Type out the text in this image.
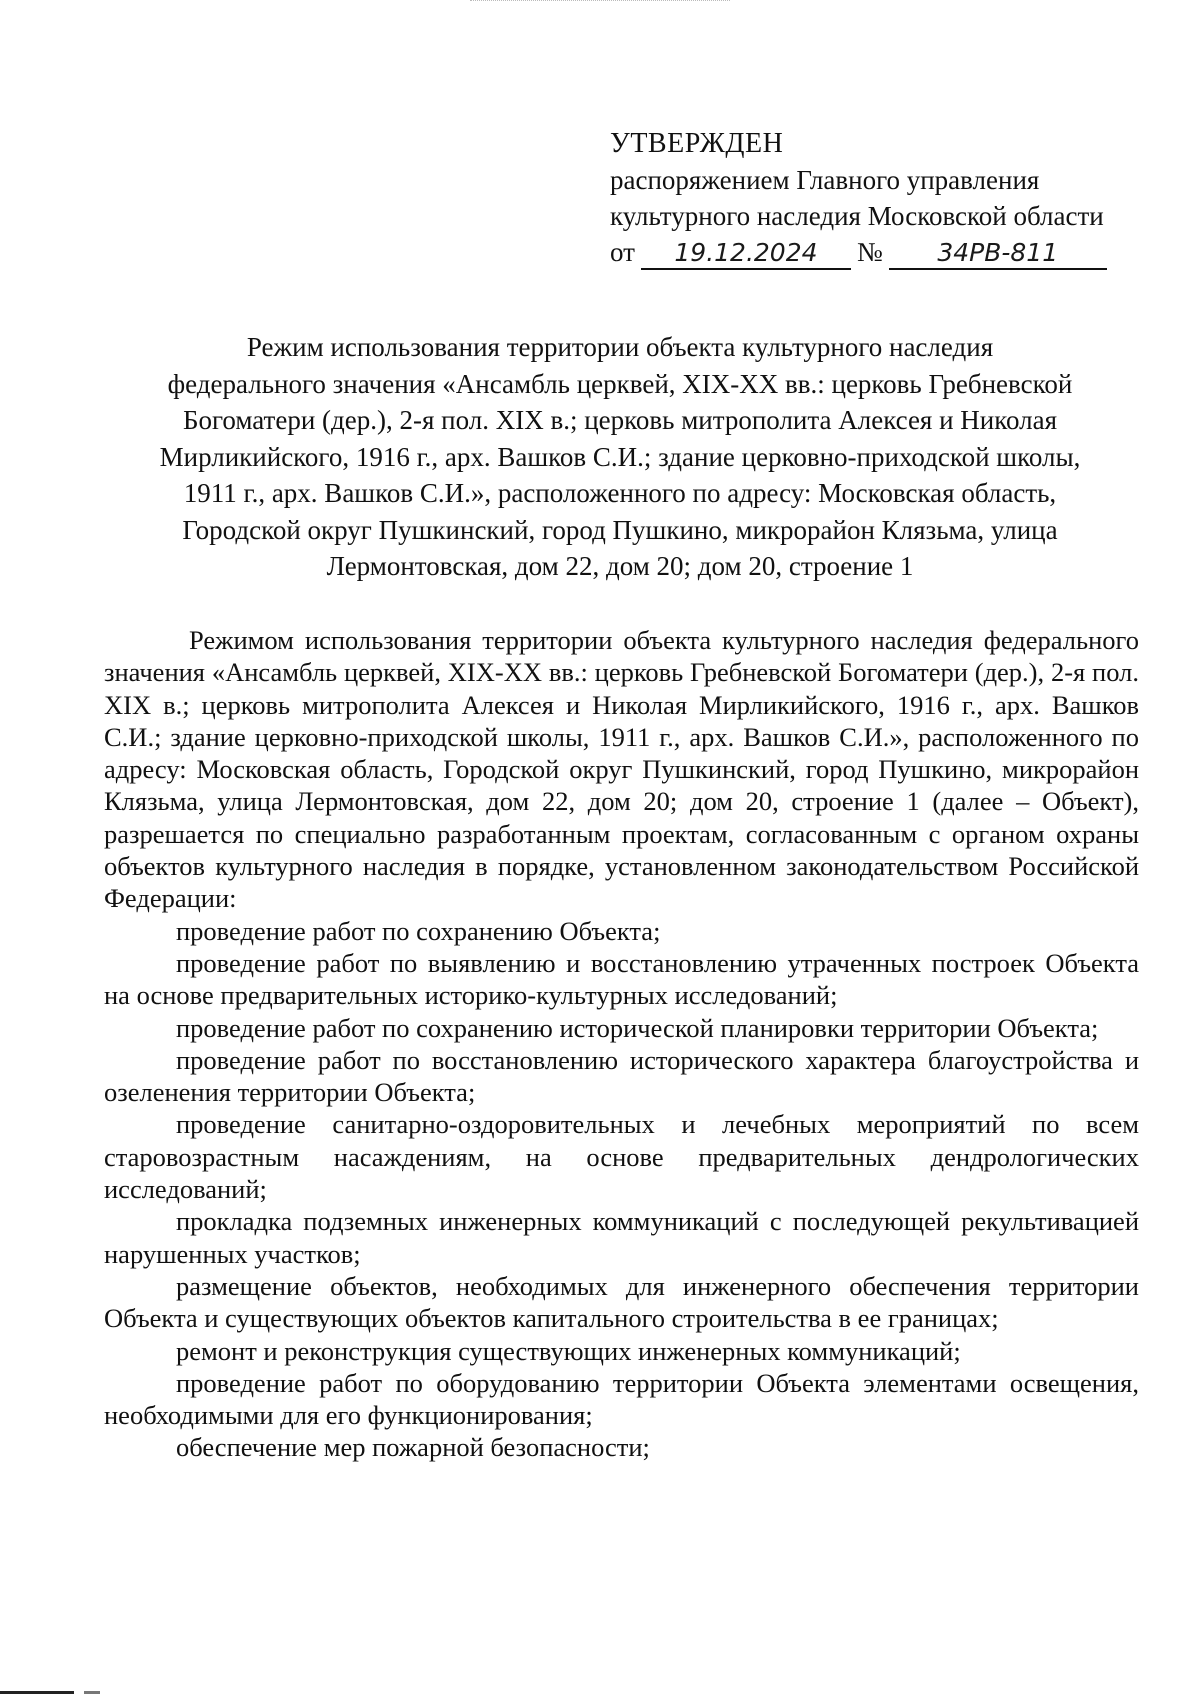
УТВЕРЖДЕН
распоряжением Главного управления
культурного наследия Московской области
от 19.12.2024 № 34РВ-811
Режим использования территории объекта культурного наследия
федерального значения «Ансамбль церквей, XIX-XX вв.: церковь Гребневской
Богоматери (дер.), 2-я пол. XIX в.; церковь митрополита Алексея и Николая
Мирликийского, 1916 г., арх. Вашков С.И.; здание церковно-приходской школы,
1911 г., арх. Вашков С.И.», расположенного по адресу: Московская область,
Городской округ Пушкинский, город Пушкино, микрорайон Клязьма, улица
Лермонтовская, дом 22, дом 20; дом 20, строение 1

Режимом использования территории объекта культурного наследия федерального значения «Ансамбль церквей, XIX-XX вв.: церковь Гребневской Богоматери (дер.), 2-я пол. XIX в.; церковь митрополита Алексея и Николая Мирликийского, 1916 г., арх. Вашков С.И.; здание церковно-приходской школы, 1911 г., арх. Вашков С.И.», расположенного по адресу: Московская область, Городской округ Пушкинский, город Пушкино, микрорайон Клязьма, улица Лермонтовская, дом 22, дом 20; дом 20, строение 1 (далее – Объект), разрешается по специально разработанным проектам, согласованным с органом охраны объектов культурного наследия в порядке, установленном законодательством Российской Федерации:

проведение работ по сохранению Объекта;

проведение работ по выявлению и восстановлению утраченных построек Объекта на основе предварительных историко-культурных исследований;

проведение работ по сохранению исторической планировки территории Объекта;

проведение работ по восстановлению исторического характера благоустройства и озеленения территории Объекта;

проведение санитарно-оздоровительных и лечебных мероприятий по всем старовозрастным насаждениям, на основе предварительных дендрологических исследований;

прокладка подземных инженерных коммуникаций с последующей рекультивацией нарушенных участков;

размещение объектов, необходимых для инженерного обеспечения территории Объекта и существующих объектов капитального строительства в ее границах;

ремонт и реконструкция существующих инженерных коммуникаций;

проведение работ по оборудованию территории Объекта элементами освещения, необходимыми для его функционирования;

обеспечение мер пожарной безопасности;
